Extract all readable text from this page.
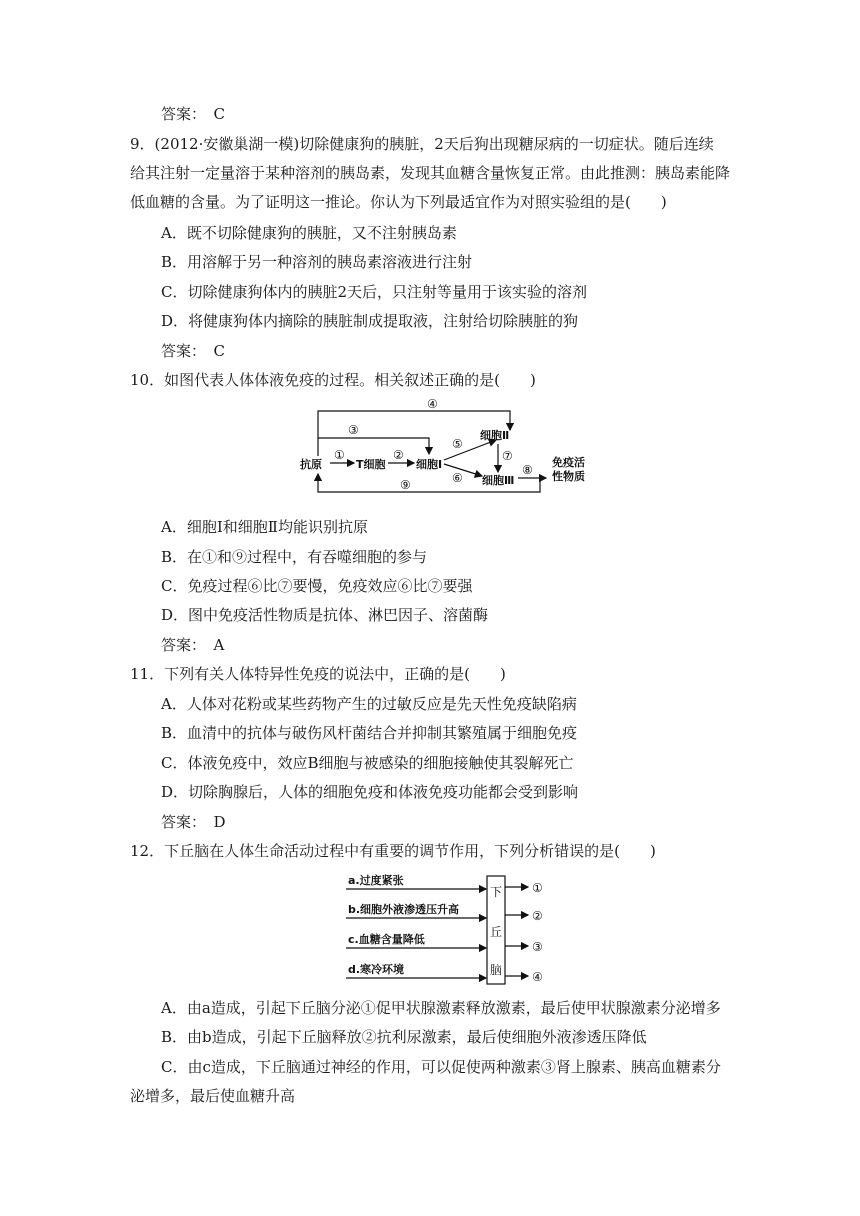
答案：　C
9．(2012·安徽巢湖一模)切除健康狗的胰脏，2天后狗出现糖尿病的一切症状。随后连续
给其注射一定量溶于某种溶剂的胰岛素，发现其血糖含量恢复正常。由此推测：胰岛素能降
低血糖的含量。为了证明这一推论。你认为下列最适宜作为对照实验组的是(　　)
A．既不切除健康狗的胰脏，又不注射胰岛素
B．用溶解于另一种溶剂的胰岛素溶液进行注射
C．切除健康狗体内的胰脏2天后，只注射等量用于该实验的溶剂
D．将健康狗体内摘除的胰脏制成提取液，注射给切除胰脏的狗
答案：　C
10．如图代表人体体液免疫的过程。相关叙述正确的是(　　)
抗原	T细胞	细胞Ⅰ
细胞Ⅱ
细胞Ⅲ
免疫活
性物质
④
③
①	②
⑤
⑥
⑦
⑧
⑨
A．细胞Ⅰ和细胞Ⅱ均能识别抗原
B．在①和⑨过程中，有吞噬细胞的参与
C．免疫过程⑥比⑦要慢，免疫效应⑥比⑦要强
D．图中免疫活性物质是抗体、淋巴因子、溶菌酶
答案：　A
11．下列有关人体特异性免疫的说法中，正确的是(　　)
A．人体对花粉或某些药物产生的过敏反应是先天性免疫缺陷病
B．血清中的抗体与破伤风杆菌结合并抑制其繁殖属于细胞免疫
C．体液免疫中，效应B细胞与被感染的细胞接触使其裂解死亡
D．切除胸腺后，人体的细胞免疫和体液免疫功能都会受到影响
答案：　D
12．下丘脑在人体生命活动过程中有重要的调节作用，下列分析错误的是(　　)
a.过度紧张
b.细胞外液渗透压升高
c.血糖含量降低
d.寒冷环境
下
丘
脑
①
②
③
④
A．由a造成，引起下丘脑分泌①促甲状腺激素释放激素，最后使甲状腺激素分泌增多
B．由b造成，引起下丘脑释放②抗利尿激素，最后使细胞外液渗透压降低
C．由c造成，下丘脑通过神经的作用，可以促使两种激素③肾上腺素、胰高血糖素分
泌增多，最后使血糖升高
